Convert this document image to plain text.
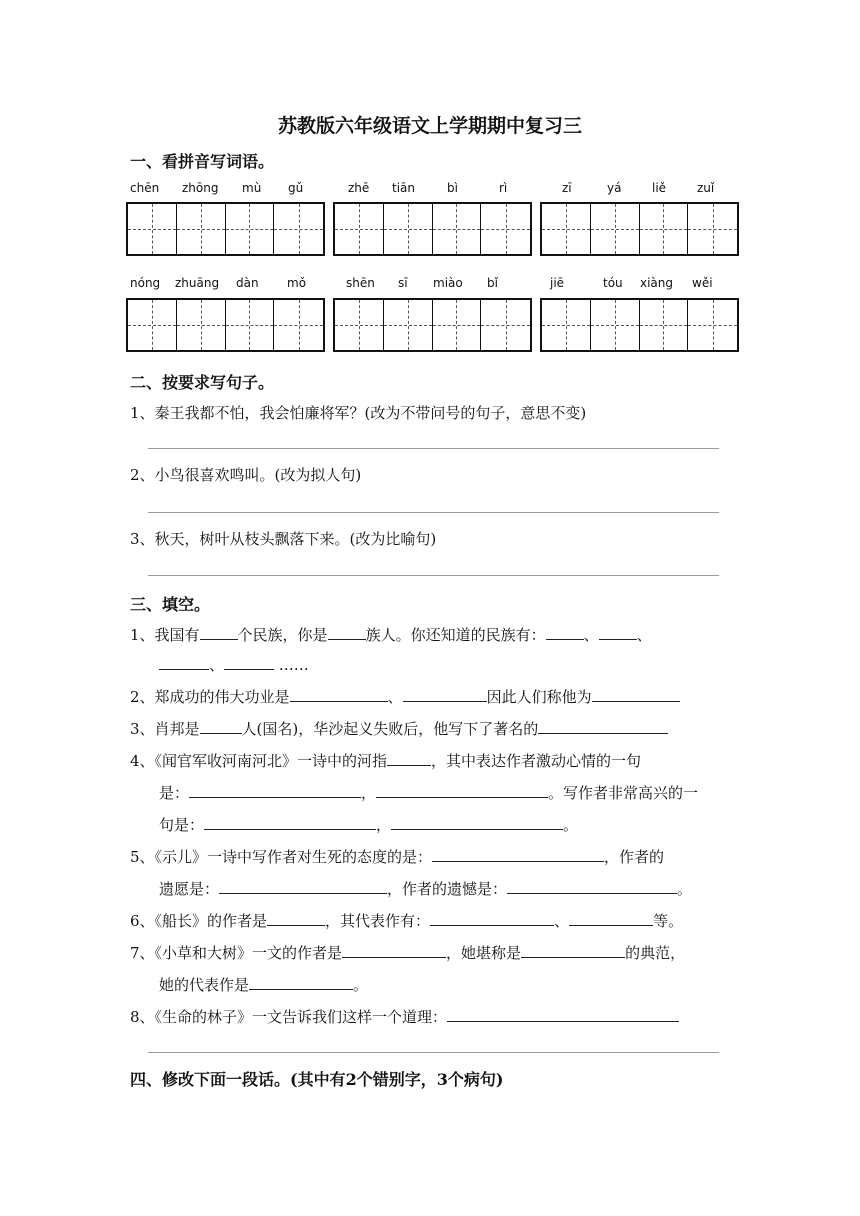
苏教版六年级语文上学期期中复习三
一、看拼音写词语。
chēn zhōng mù gǔ	zhē tiān	bì	rì	zī	yá	liě	zuǐ
nóng zhuāng dàn mǒ	shēn sī miào bǐ	jiē	tóu xiàng wěi
二、按要求写句子。
1、秦王我都不怕，我会怕廉将军？(改为不带问号的句子，意思不变)
2、小鸟很喜欢鸣叫。(改为拟人句)
3、秋天，树叶从枝头飘落下来。(改为比喻句)
三、填空。
1、我国有	个民族，你是	族人。你还知道的民族有：	、	、
、	……
2、郑成功的伟大功业是	、	因此人们称他为
3、肖邦是	人(国名)，华沙起义失败后，他写下了著名的
4、《闻官军收河南河北》一诗中的河指	，其中表达作者激动心情的一句
是：	，	。写作者非常高兴的一
句是：	，	。
5、《示儿》一诗中写作者对生死的态度的是：	，作者的
遗愿是：	，作者的遗憾是：	。
6、《船长》的作者是	，其代表作有：	、	等。
7、《小草和大树》一文的作者是	，她堪称是	的典范，
她的代表作是	。
8、《生命的林子》一文告诉我们这样一个道理：
四、修改下面一段话。(其中有2个错别字，3个病句)
